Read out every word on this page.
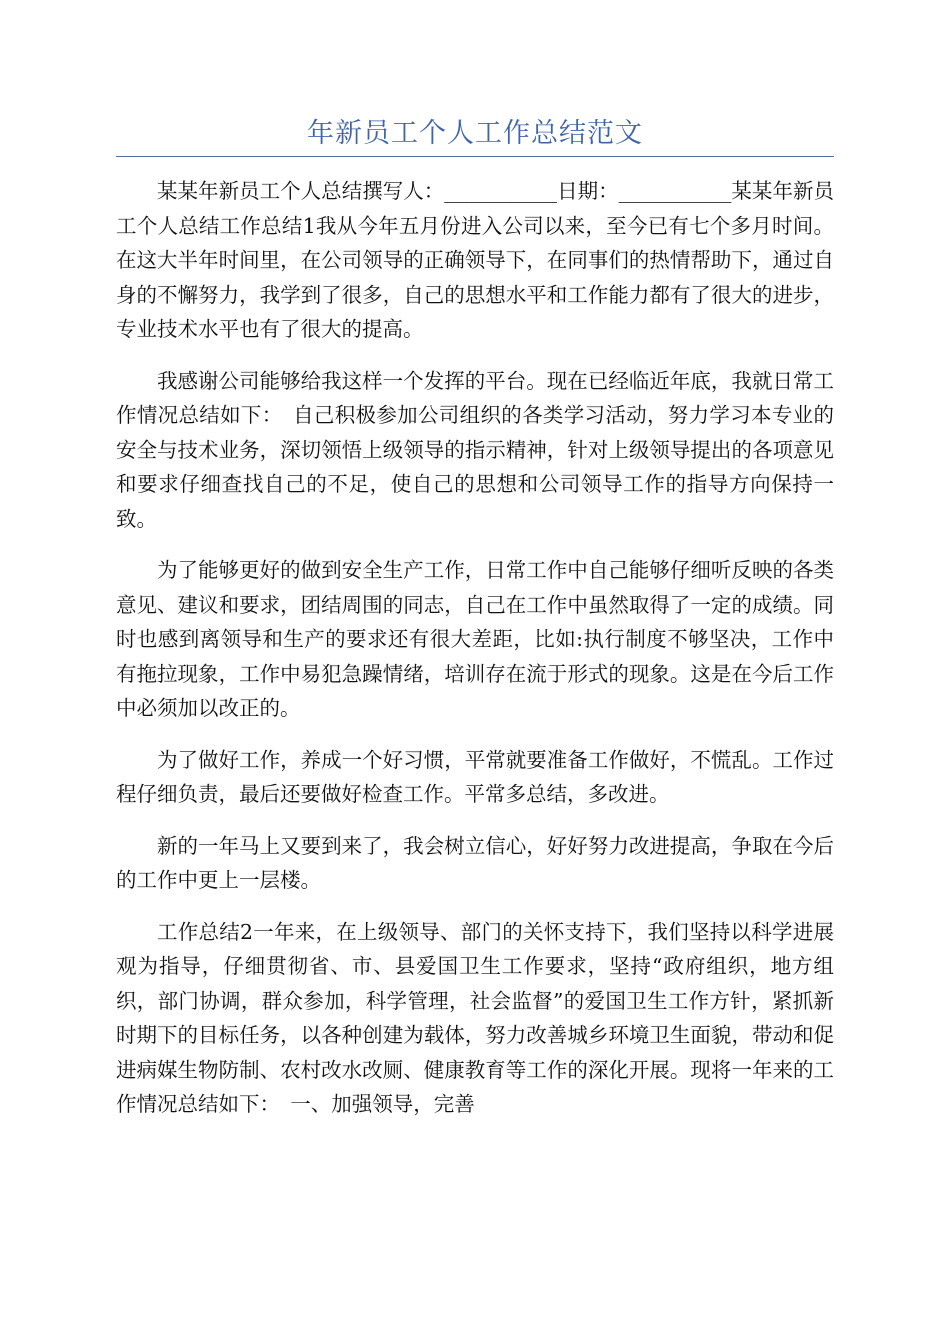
年新员工个人工作总结范文

某某年新员工个人总结撰写人：___________日期：___________某某年新员工个人总结工作总结1我从今年五月份进入公司以来，至今已有七个多月时间。在这大半年时间里，在公司领导的正确领导下，在同事们的热情帮助下，通过自身的不懈努力，我学到了很多，自己的思想水平和工作能力都有了很大的进步，专业技术水平也有了很大的提高。

我感谢公司能够给我这样一个发挥的平台。现在已经临近年底，我就日常工作情况总结如下：　自己积极参加公司组织的各类学习活动，努力学习本专业的安全与技术业务，深切领悟上级领导的指示精神，针对上级领导提出的各项意见和要求仔细查找自己的不足，使自己的思想和公司领导工作的指导方向保持一致。

为了能够更好的做到安全生产工作，日常工作中自己能够仔细听反映的各类意见、建议和要求，团结周围的同志，自己在工作中虽然取得了一定的成绩。同时也感到离领导和生产的要求还有很大差距，比如:执行制度不够坚决，工作中有拖拉现象，工作中易犯急躁情绪，培训存在流于形式的现象。这是在今后工作中必须加以改正的。

为了做好工作，养成一个好习惯，平常就要准备工作做好，不慌乱。工作过程仔细负责，最后还要做好检查工作。平常多总结，多改进。

新的一年马上又要到来了，我会树立信心，好好努力改进提高，争取在今后的工作中更上一层楼。

工作总结2一年来，在上级领导、部门的关怀支持下，我们坚持以科学进展观为指导，仔细贯彻省、市、县爱国卫生工作要求，坚持“政府组织，地方组织，部门协调，群众参加，科学管理，社会监督”的爱国卫生工作方针，紧抓新时期下的目标任务，以各种创建为载体，努力改善城乡环境卫生面貌，带动和促进病媒生物防制、农村改水改厕、健康教育等工作的深化开展。现将一年来的工作情况总结如下：　一、加强领导，完善
